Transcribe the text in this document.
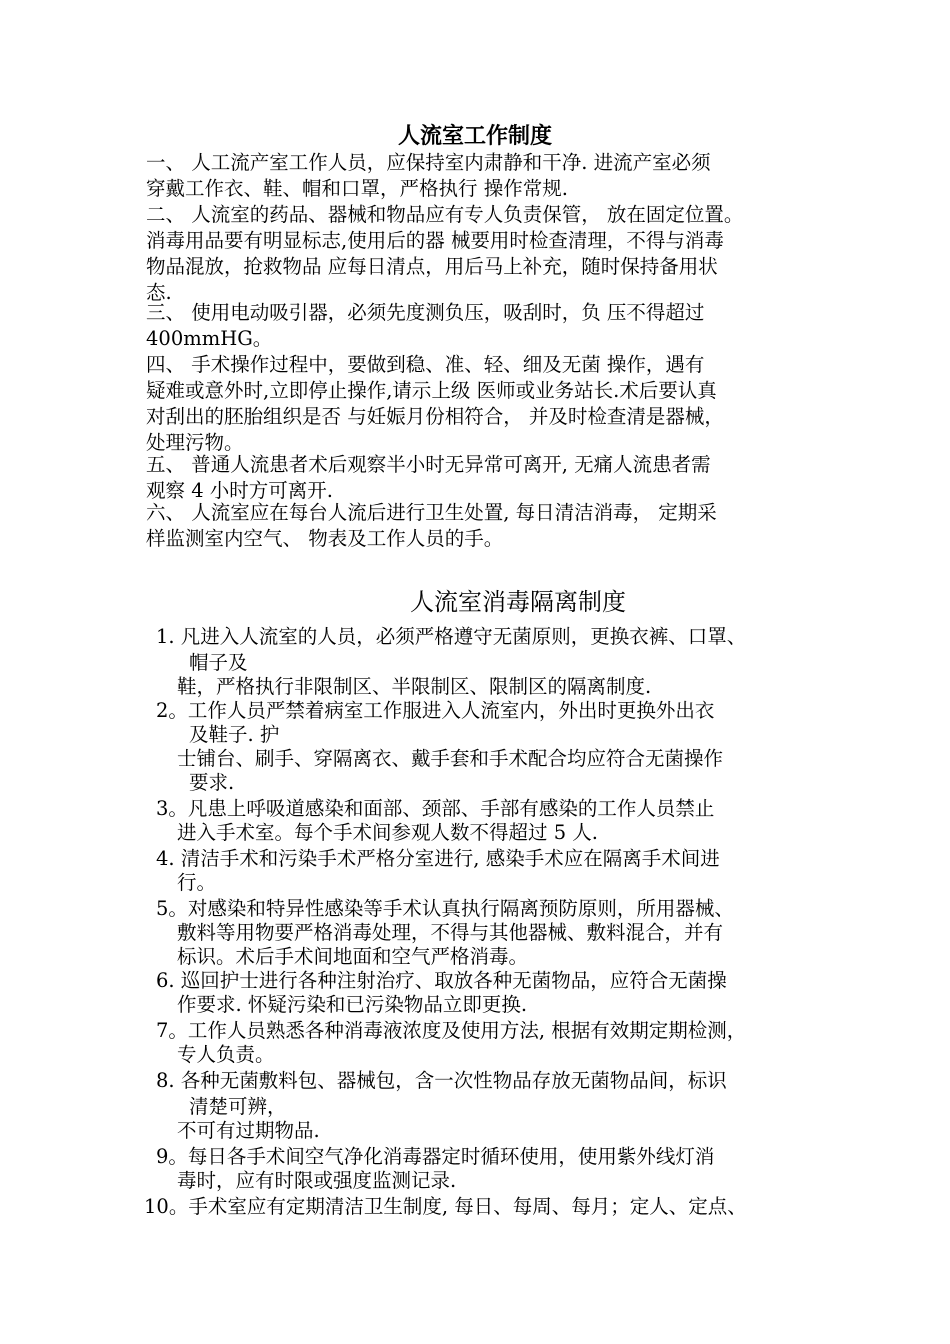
人流室工作制度
一、 人工流产室工作人员，应保持室内肃静和干净. 进流产室必须
穿戴工作衣、鞋、帽和口罩，严格执行 操作常规.
二、 人流室的药品、器械和物品应有专人负责保管， 放在固定位置。
消毒用品要有明显标志,使用后的器 械要用时检查清理，不得与消毒
物品混放，抢救物品 应每日清点，用后马上补充，随时保持备用状
态.
三、 使用电动吸引器，必须先度测负压，吸刮时，负 压不得超过
400mmHG。
四、 手术操作过程中，要做到稳、准、轻、细及无菌 操作，遇有
疑难或意外时,立即停止操作,请示上级 医师或业务站长.术后要认真
对刮出的胚胎组织是否 与妊娠月份相符合， 并及时检查清是器械，
处理污物。
五、 普通人流患者术后观察半小时无异常可离开, 无痛人流患者需
观察 4 小时方可离开.
六、 人流室应在每台人流后进行卫生处置, 每日清洁消毒， 定期采
样监测室内空气、 物表及工作人员的手。
人流室消毒隔离制度
1. 凡进入人流室的人员，必须严格遵守无菌原则，更换衣裤、口罩、
帽子及
鞋，严格执行非限制区、半限制区、限制区的隔离制度.
2。工作人员严禁着病室工作服进入人流室内，外出时更换外出衣
及鞋子. 护
士铺台、刷手、穿隔离衣、戴手套和手术配合均应符合无菌操作
要求.
3。凡患上呼吸道感染和面部、颈部、手部有感染的工作人员禁止
进入手术室。每个手术间参观人数不得超过 5 人.
4. 清洁手术和污染手术严格分室进行, 感染手术应在隔离手术间进
行。
5。对感染和特异性感染等手术认真执行隔离预防原则，所用器械、
敷料等用物要严格消毒处理，不得与其他器械、敷料混合，并有
标识。术后手术间地面和空气严格消毒。
6. 巡回护士进行各种注射治疗、取放各种无菌物品，应符合无菌操
作要求. 怀疑污染和已污染物品立即更换.
7。工作人员熟悉各种消毒液浓度及使用方法, 根据有效期定期检测，
专人负责。
8. 各种无菌敷料包、器械包，含一次性物品存放无菌物品间，标识
清楚可辨，
不可有过期物品.
9。每日各手术间空气净化消毒器定时循环使用，使用紫外线灯消
毒时，应有时限或强度监测记录.
10。手术室应有定期清洁卫生制度, 每日、每周、每月；定人、定点、
